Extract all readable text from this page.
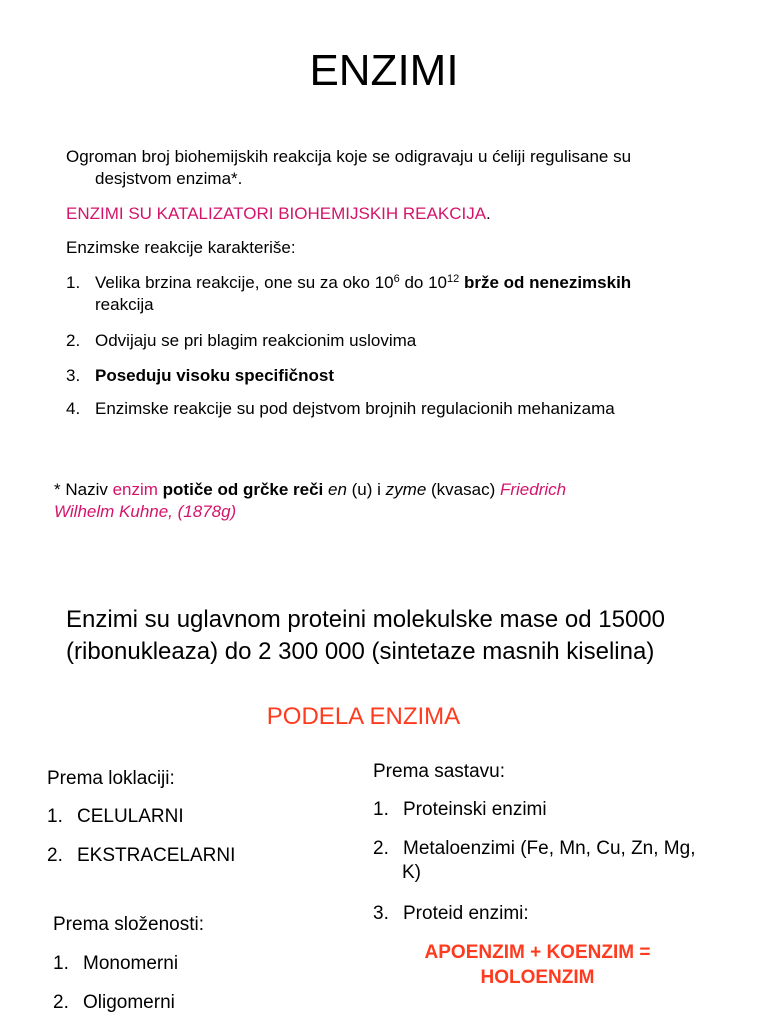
ENZIMI
Ogroman broj biohemijskih reakcija koje se odigravaju u ćeliji regulisane su
desjstvom enzima*.
ENZIMI SU KATALIZATORI BIOHEMIJSKIH REAKCIJA.
Enzimske reakcije karakteriše:
1. Velika brzina reakcije, one su za oko $10^6$ do $10^{12}$ brže od nenezimskih
reakcija
2. Odvijaju se pri blagim reakcionim uslovima
3. Poseduju visoku specifičnost
4. Enzimske reakcije su pod dejstvom brojnih regulacionih mehanizama
* Naziv enzim potiče od grčke reči en (u) i zyme (kvasac) Friedrich
Wilhelm Kuhne, (1878g)
Enzimi su uglavnom proteini molekulske mase od 15000
(ribonukleaza) do 2 300 000 (sintetaze masnih kiselina)
PODELA ENZIMA
Prema loklaciji:
1. CELULARNI
2. EKSTRACELARNI
Prema složenosti:
1. Monomerni
2. Oligomerni
Prema sastavu:
1. Proteinski enzimi
2. Metaloenzimi (Fe, Mn, Cu, Zn, Mg,
K)
3. Proteid enzimi:
APOENZIM + KOENZIM =
HOLOENZIM
